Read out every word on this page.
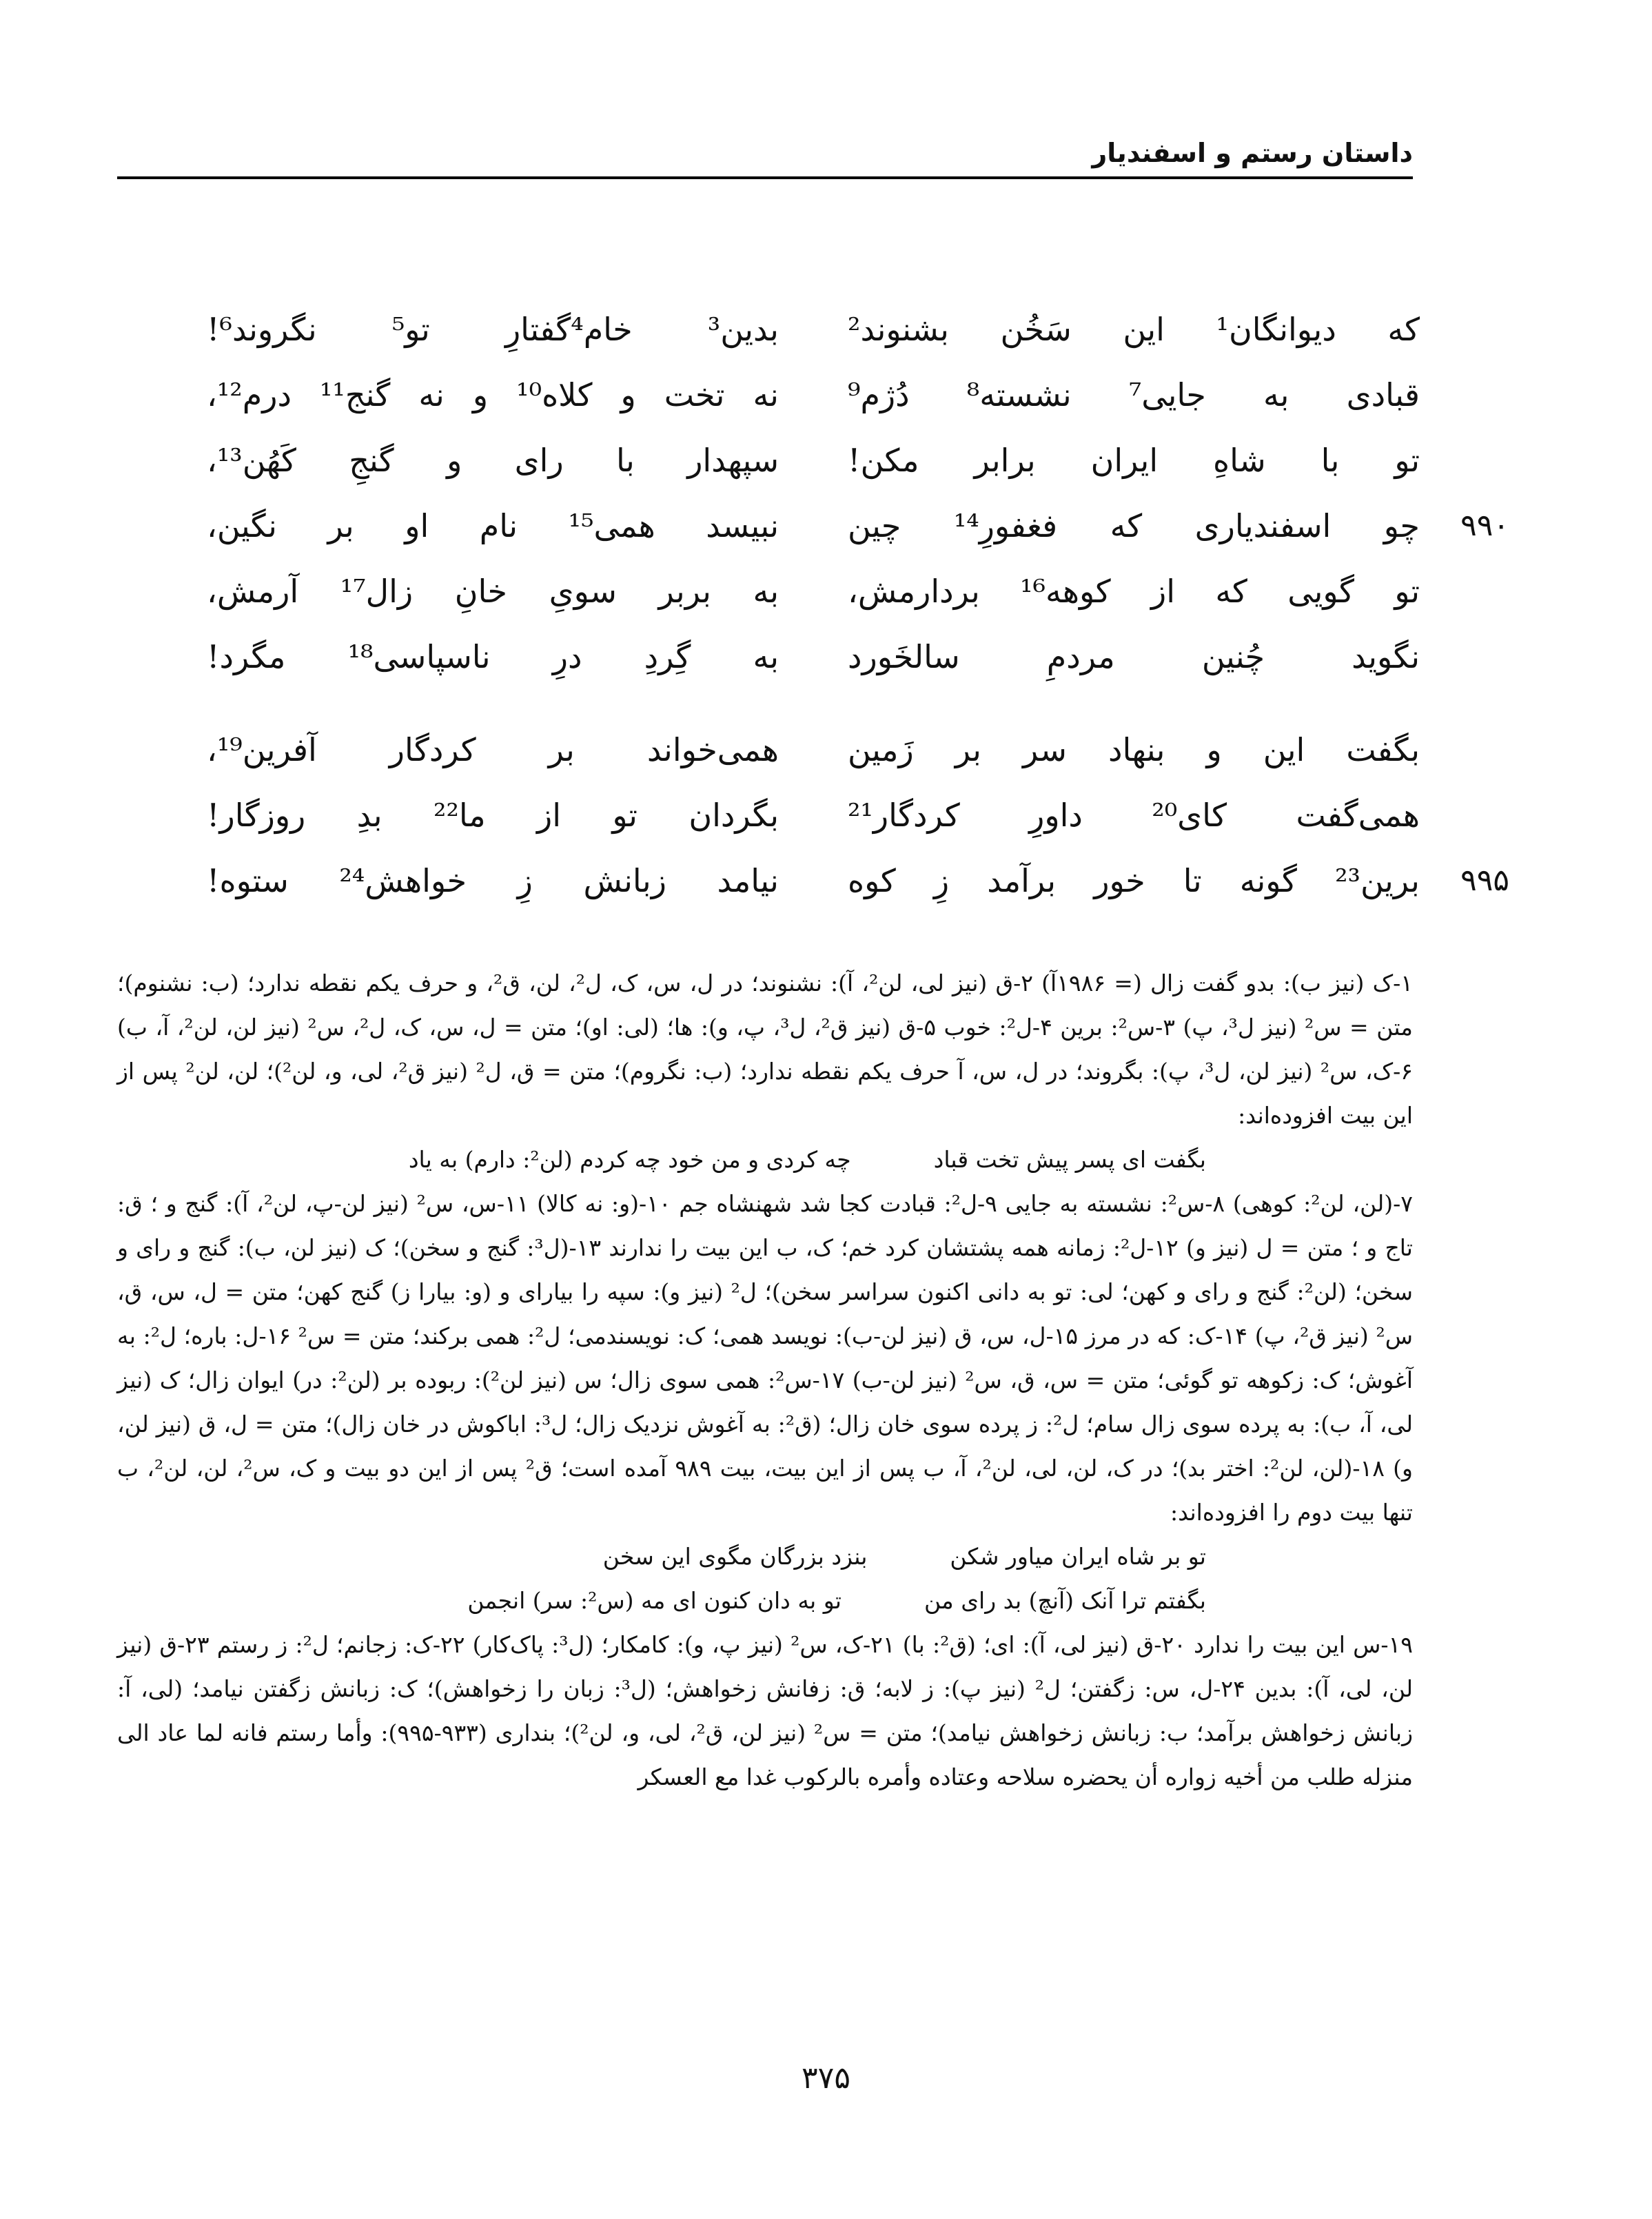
داستان رستم و اسفندیار
که دیوانگان¹ این سَخُن بشنوند²
بدین³ خام⁴گفتارِ تو⁵ نگروند⁶!
قبادی به جایی⁷ نشسته⁸ دُژم⁹
نه تخت و کلاه¹⁰ و نه گنج¹¹ درم¹²،
تو با شاهِ ایران برابر مکن!
سپهدار با رای و گنجِ کَهُن¹³،
۹۹۰
چو اسفندیاری که فغفورِ¹⁴ چین
نبیسد همی¹⁵ نام او بر نگین،
تو گویی که از کوهه¹⁶ بردارمش،
به بربر سویِ خانِ زال¹⁷ آرمش،
نگوید چُنین مردمِ سالخَورد
به گِردِ درِ ناسپاسی¹⁸ مگرد!
بگفت این و بنهاد سر بر زَمین
همی‌خواند بر کردگار آفرین¹⁹،
همی‌گفت کای²⁰ داورِ کردگار²¹
بگردان تو از ما²² بدِ روزگار!
۹۹۵
برین²³ گونه تا خور برآمد زِ کوه
نیامد زبانش زِ خواهش²⁴ ستوه!

۱-ک (نیز ب): بدو گفت زال (= ۱۹۸۶آ) ۲-ق (نیز لی، لن²، آ): نشنوند؛ در ل، س، ک، ل²، لن، ق²، و حرف یکم نقطه ندارد؛ (ب: نشنوم)؛ متن = س² (نیز ل³، پ) ۳-س²: برین ۴-ل²: خوب ۵-ق (نیز ق²، ل³، پ، و): ها؛ (لی: او)؛ متن = ل، س، ک، ل²، س² (نیز لن، لن²، آ، ب) ۶-ک، س² (نیز لن، ل³، پ): بگروند؛ در ل، س، آ حرف یکم نقطه ندارد؛ (ب: نگروم)؛ متن = ق، ل² (نیز ق²، لی، و، لن²)؛ لن، لن² پس از این بیت افزوده‌اند:

بگفت ای پسر پیش تخت قباد
چه کردی و من خود چه کردم (لن²: دارم) به یاد

۷-(لن، لن²: کوهی) ۸-س²: نشسته به جایی ۹-ل²: قبادت کجا شد شهنشاه جم ۱۰-(و: نه کالا) ۱۱-س، س² (نیز لن-پ، لن²، آ): گنج و ؛ ق: تاج و ؛ متن = ل (نیز و) ۱۲-ل²: زمانه همه پشتشان کرد خم؛ ک، ب این بیت را ندارند ۱۳-(ل³: گنج و سخن)؛ ک (نیز لن، ب): گنج و رای و سخن؛ (لن²: گنج و رای و کهن؛ لی: تو به دانی اکنون سراسر سخن)؛ ل² (نیز و): سپه را بیارای و (و: بیارا ز) گنج کهن؛ متن = ل، س، ق، س² (نیز ق²، پ) ۱۴-ک: که در مرز ۱۵-ل، س، ق (نیز لن-ب): نویسد همی؛ ک: نویسندمی؛ ل²: همی برکند؛ متن = س² ۱۶-ل: باره؛ ل²: به آغوش؛ ک: زکوهه تو گوئی؛ متن = س، ق، س² (نیز لن-ب) ۱۷-س²: همی سوی زال؛ س (نیز لن²): ربوده بر (لن²: در) ایوان زال؛ ک (نیز لی، آ، ب): به پرده سوی زال سام؛ ل²: ز پرده سوی خان زال؛ (ق²: به آغوش نزدیک زال؛ ل³: اباکوش در خان زال)؛ متن = ل، ق (نیز لن، و) ۱۸-(لن، لن²: اختر بد)؛ در ک، لن، لی، لن²، آ، ب پس از این بیت، بیت ۹۸۹ آمده است؛ ق² پس از این دو بیت و ک، س²، لن، لن²، ب تنها بیت دوم را افزوده‌اند:

تو بر شاه ایران میاور شکن
بنزد بزرگان مگوی این سخن
بگفتم ترا آنک (آنچ) بد رای من
تو به دان کنون ای مه (س²: سر) انجمن

۱۹-س این بیت را ندارد ۲۰-ق (نیز لی، آ): ای؛ (ق²: با) ۲۱-ک، س² (نیز پ، و): کامکار؛ (ل³: پاک‌کار) ۲۲-ک: زجانم؛ ل²: ز رستم ۲۳-ق (نیز لن، لی، آ): بدین ۲۴-ل، س: زگفتن؛ ل² (نیز پ): ز لابه؛ ق: زفانش زخواهش؛ (ل³: زبان را زخواهش)؛ ک: زبانش زگفتن نیامد؛ (لی، آ: زبانش زخواهش برآمد؛ ب: زبانش زخواهش نیامد)؛ متن = س² (نیز لن، ق²، لی، و، لن²)؛ بنداری (۹۳۳-۹۹۵): وأما رستم فانه لما عاد الى منزله طلب من أخیه زواره أن یحضره سلاحه وعتاده وأمره بالرکوب غدا مع العسکر

۳۷۵
